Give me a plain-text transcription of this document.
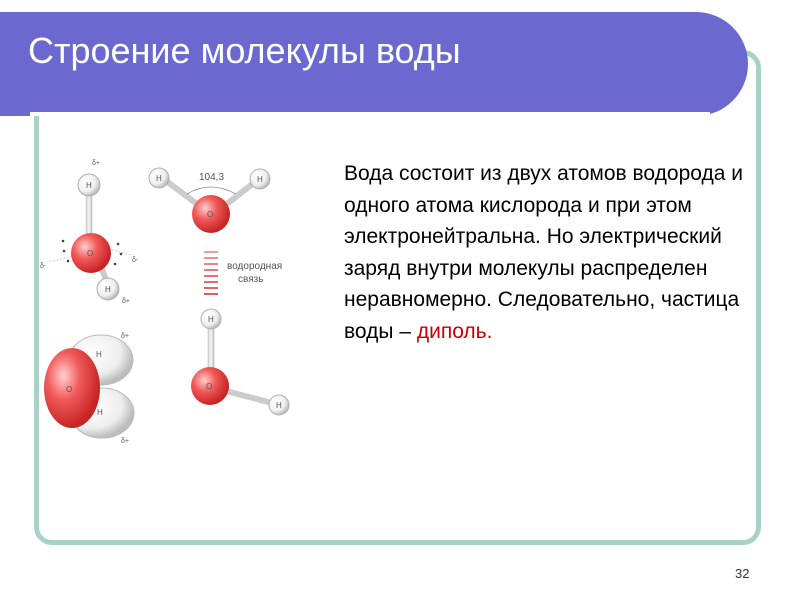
Строение молекулы воды
H
O
H
δ+
δ+
δ-
δ-
O
H
H
δ+
δ+
104,3
H	H
O
водородная
связь
H
O
H
Вода состоит из двух атомов водорода и одного атома кислорода и при этом электронейтральна. Но электрический заряд внутри молекулы распределен неравномерно. Следовательно, частица воды – диполь.
32
